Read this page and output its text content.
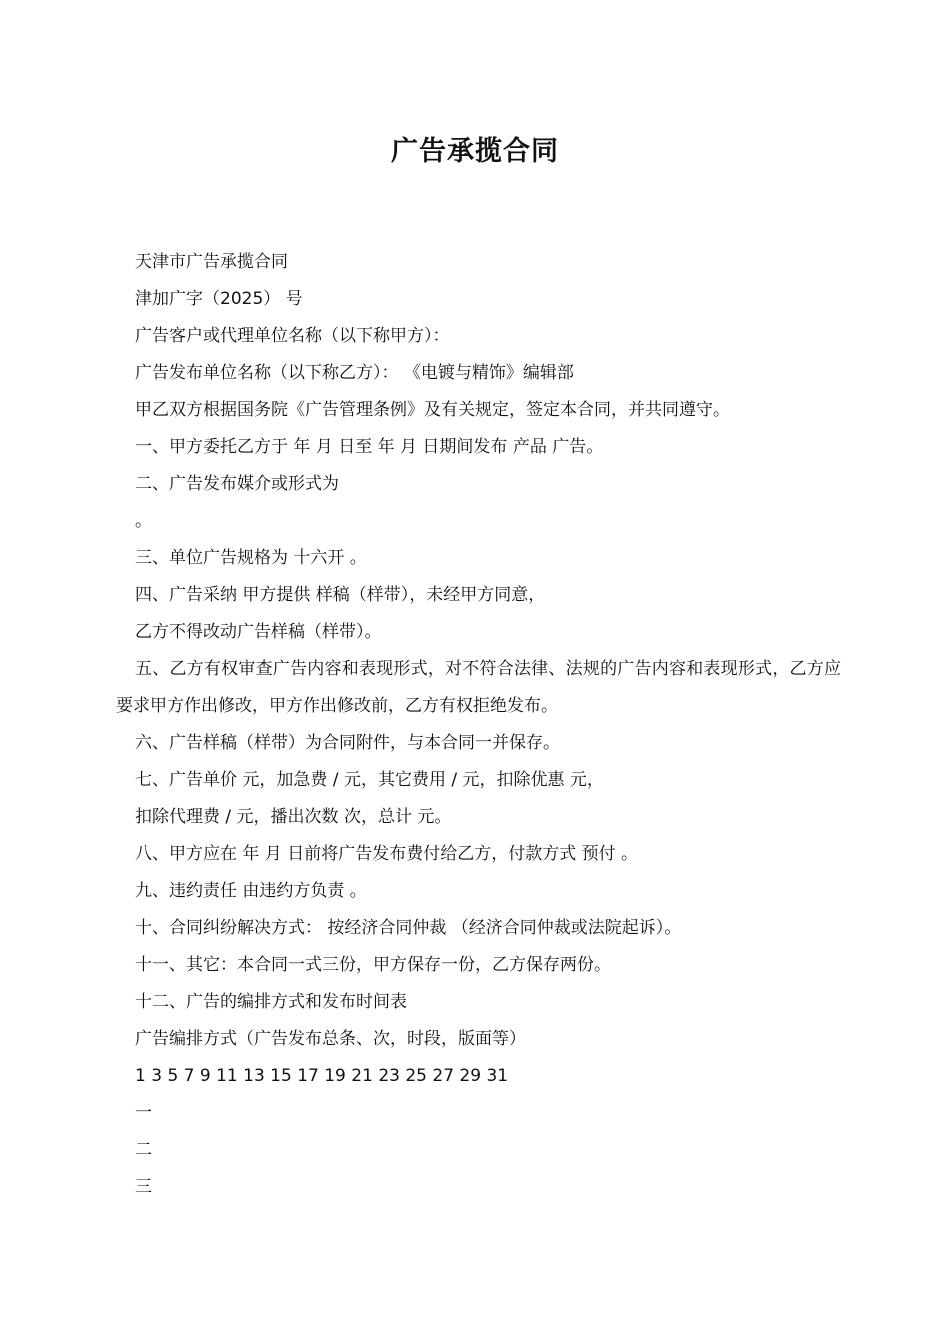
广告承揽合同

天津市广告承揽合同

津加广字（2025） 号

广告客户或代理单位名称（以下称甲方）：

广告发布单位名称（以下称乙方）： 《电镀与精饰》编辑部

甲乙双方根据国务院《广告管理条例》及有关规定，签定本合同，并共同遵守。

一、甲方委托乙方于 年 月 日至 年 月 日期间发布 产品 广告。

二、广告发布媒介或形式为

。

三、单位广告规格为 十六开 。

四、广告采纳 甲方提供 样稿（样带），未经甲方同意，

乙方不得改动广告样稿（样带）。

五、乙方有权审查广告内容和表现形式，对不符合法律、法规的广告内容和表现形式，乙方应要求甲方作出修改，甲方作出修改前，乙方有权拒绝发布。

六、广告样稿（样带）为合同附件，与本合同一并保存。

七、广告单价 元，加急费 / 元，其它费用 / 元，扣除优惠 元，

扣除代理费 / 元，播出次数 次，总计 元。

八、甲方应在 年 月 日前将广告发布费付给乙方，付款方式 预付 。

九、违约责任 由违约方负责 。

十、合同纠纷解决方式： 按经济合同仲裁 （经济合同仲裁或法院起诉）。

十一、其它：本合同一式三份，甲方保存一份，乙方保存两份。

十二、广告的编排方式和发布时间表

广告编排方式（广告发布总条、次，时段，版面等）

1 3 5 7 9 11 13 15 17 19 21 23 25 27 29 31

一

二

三
